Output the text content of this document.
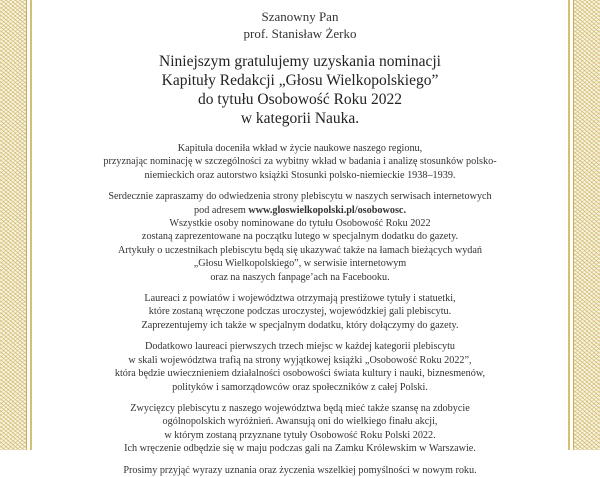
Szanowny Pan
prof. Stanisław Żerko
Niniejszym gratulujemy uzyskania nominacji
Kapituły Redakcji „Głosu Wielkopolskiego”
do tytułu Osobowość Roku 2022
w kategorii Nauka.

Kapituła doceniła wkład w życie naukowe naszego regionu,
przyznając nominację w szczególności za wybitny wkład w badania i analizę stosunków polsko-
niemieckich oraz autorstwo książki Stosunki polsko-niemieckie 1938–1939.

Serdecznie zapraszamy do odwiedzenia strony plebiscytu w naszych serwisach internetowych
pod adresem www.gloswielkopolski.pl/osobowosc.
Wszystkie osoby nominowane do tytułu Osobowość Roku 2022
zostaną zaprezentowane na początku lutego w specjalnym dodatku do gazety.
Artykuły o uczestnikach plebiscytu będą się ukazywać także na łamach bieżących wydań
„Głosu Wielkopolskiego”, w serwisie internetowym
oraz na naszych fanpage’ach na Facebooku.

Laureaci z powiatów i województwa otrzymają prestiżowe tytuły i statuetki,
które zostaną wręczone podczas uroczystej, wojewódzkiej gali plebiscytu.
Zaprezentujemy ich także w specjalnym dodatku, który dołączymy do gazety.

Dodatkowo laureaci pierwszych trzech miejsc w każdej kategorii plebiscytu
w skali województwa trafią na strony wyjątkowej książki „Osobowość Roku 2022”,
która będzie uwiecznieniem działalności osobowości świata kultury i nauki, biznesmenów,
polityków i samorządowców oraz społeczników z całej Polski.

Zwycięzcy plebiscytu z naszego województwa będą mieć także szansę na zdobycie
ogólnopolskich wyróżnień. Awansują oni do wielkiego finału akcji,
w którym zostaną przyznane tytuły Osobowość Roku Polski 2022.
Ich wręczenie odbędzie się w maju podczas gali na Zamku Królewskim w Warszawie.

Prosimy przyjąć wyrazy uznania oraz życzenia wszelkiej pomyślności w nowym roku.
